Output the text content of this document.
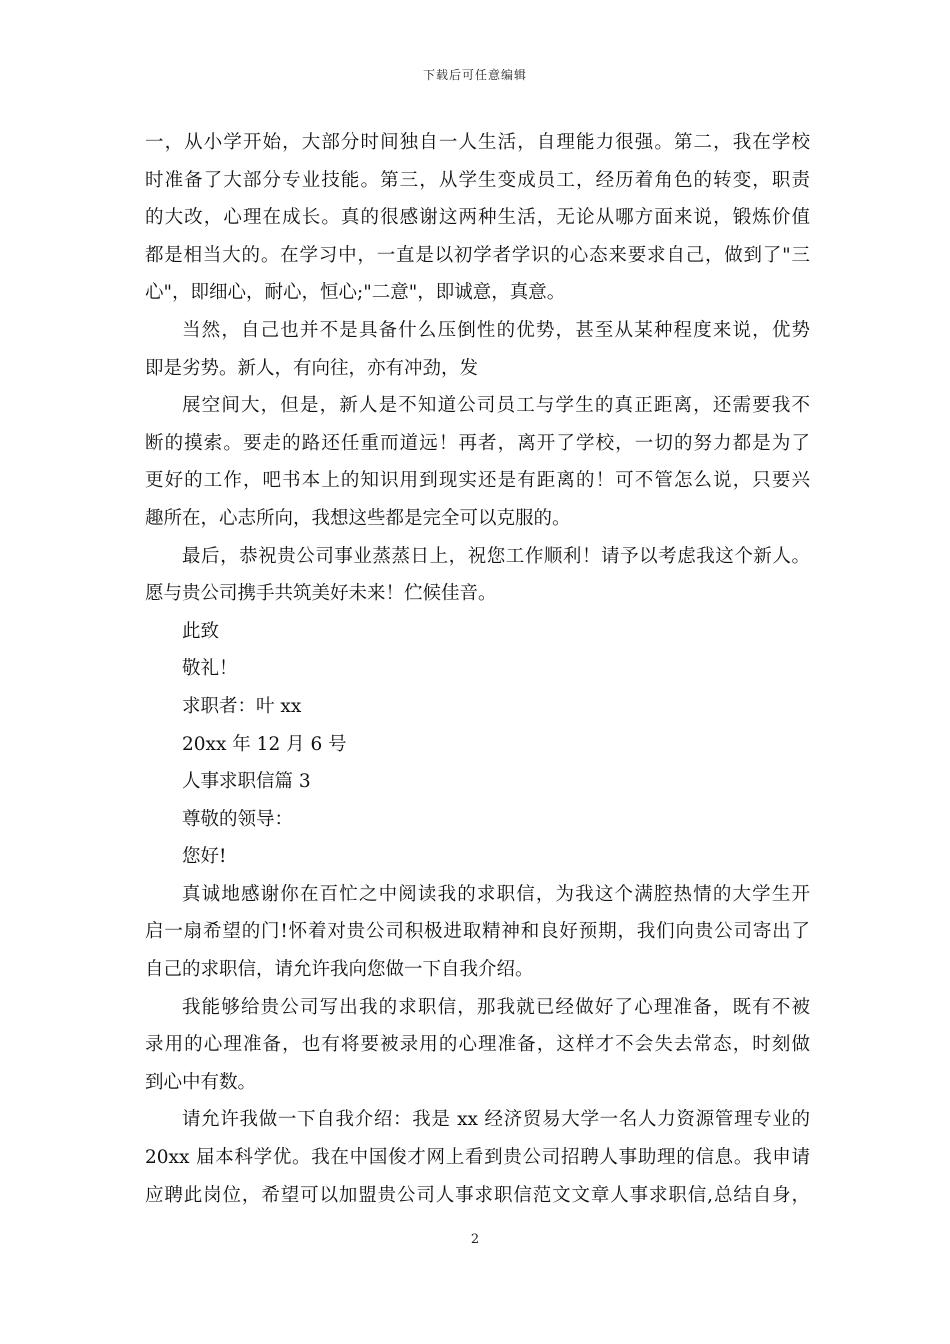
下载后可任意编辑
一，从小学开始，大部分时间独自一人生活，自理能力很强。第二，我在学校
时准备了大部分专业技能。第三，从学生变成员工，经历着角色的转变，职责
的大改，心理在成长。真的很感谢这两种生活，无论从哪方面来说，锻炼价值
都是相当大的。在学习中，一直是以初学者学识的心态来要求自己，做到了"三
心"，即细心，耐心，恒心;"二意"，即诚意，真意。
当然，自己也并不是具备什么压倒性的优势，甚至从某种程度来说，优势
即是劣势。新人，有向往，亦有冲劲，发
展空间大，但是，新人是不知道公司员工与学生的真正距离，还需要我不
断的摸索。要走的路还任重而道远！再者，离开了学校，一切的努力都是为了
更好的工作，吧书本上的知识用到现实还是有距离的！可不管怎么说，只要兴
趣所在，心志所向，我想这些都是完全可以克服的。
最后，恭祝贵公司事业蒸蒸日上，祝您工作顺利！请予以考虑我这个新人。
愿与贵公司携手共筑美好未来！伫候佳音。
此致
敬礼！
求职者：叶 xx
20xx 年 12 月 6 号
人事求职信篇 3
尊敬的领导：
您好!
真诚地感谢你在百忙之中阅读我的求职信，为我这个满腔热情的大学生开
启一扇希望的门!怀着对贵公司积极进取精神和良好预期，我们向贵公司寄出了
自己的求职信，请允许我向您做一下自我介绍。
我能够给贵公司写出我的求职信，那我就已经做好了心理准备，既有不被
录用的心理准备，也有将要被录用的心理准备，这样才不会失去常态，时刻做
到心中有数。
请允许我做一下自我介绍：我是 xx 经济贸易大学一名人力资源管理专业的
20xx 届本科学优。我在中国俊才网上看到贵公司招聘人事助理的信息。我申请
应聘此岗位，希望可以加盟贵公司人事求职信范文文章人事求职信,总结自身，
2
